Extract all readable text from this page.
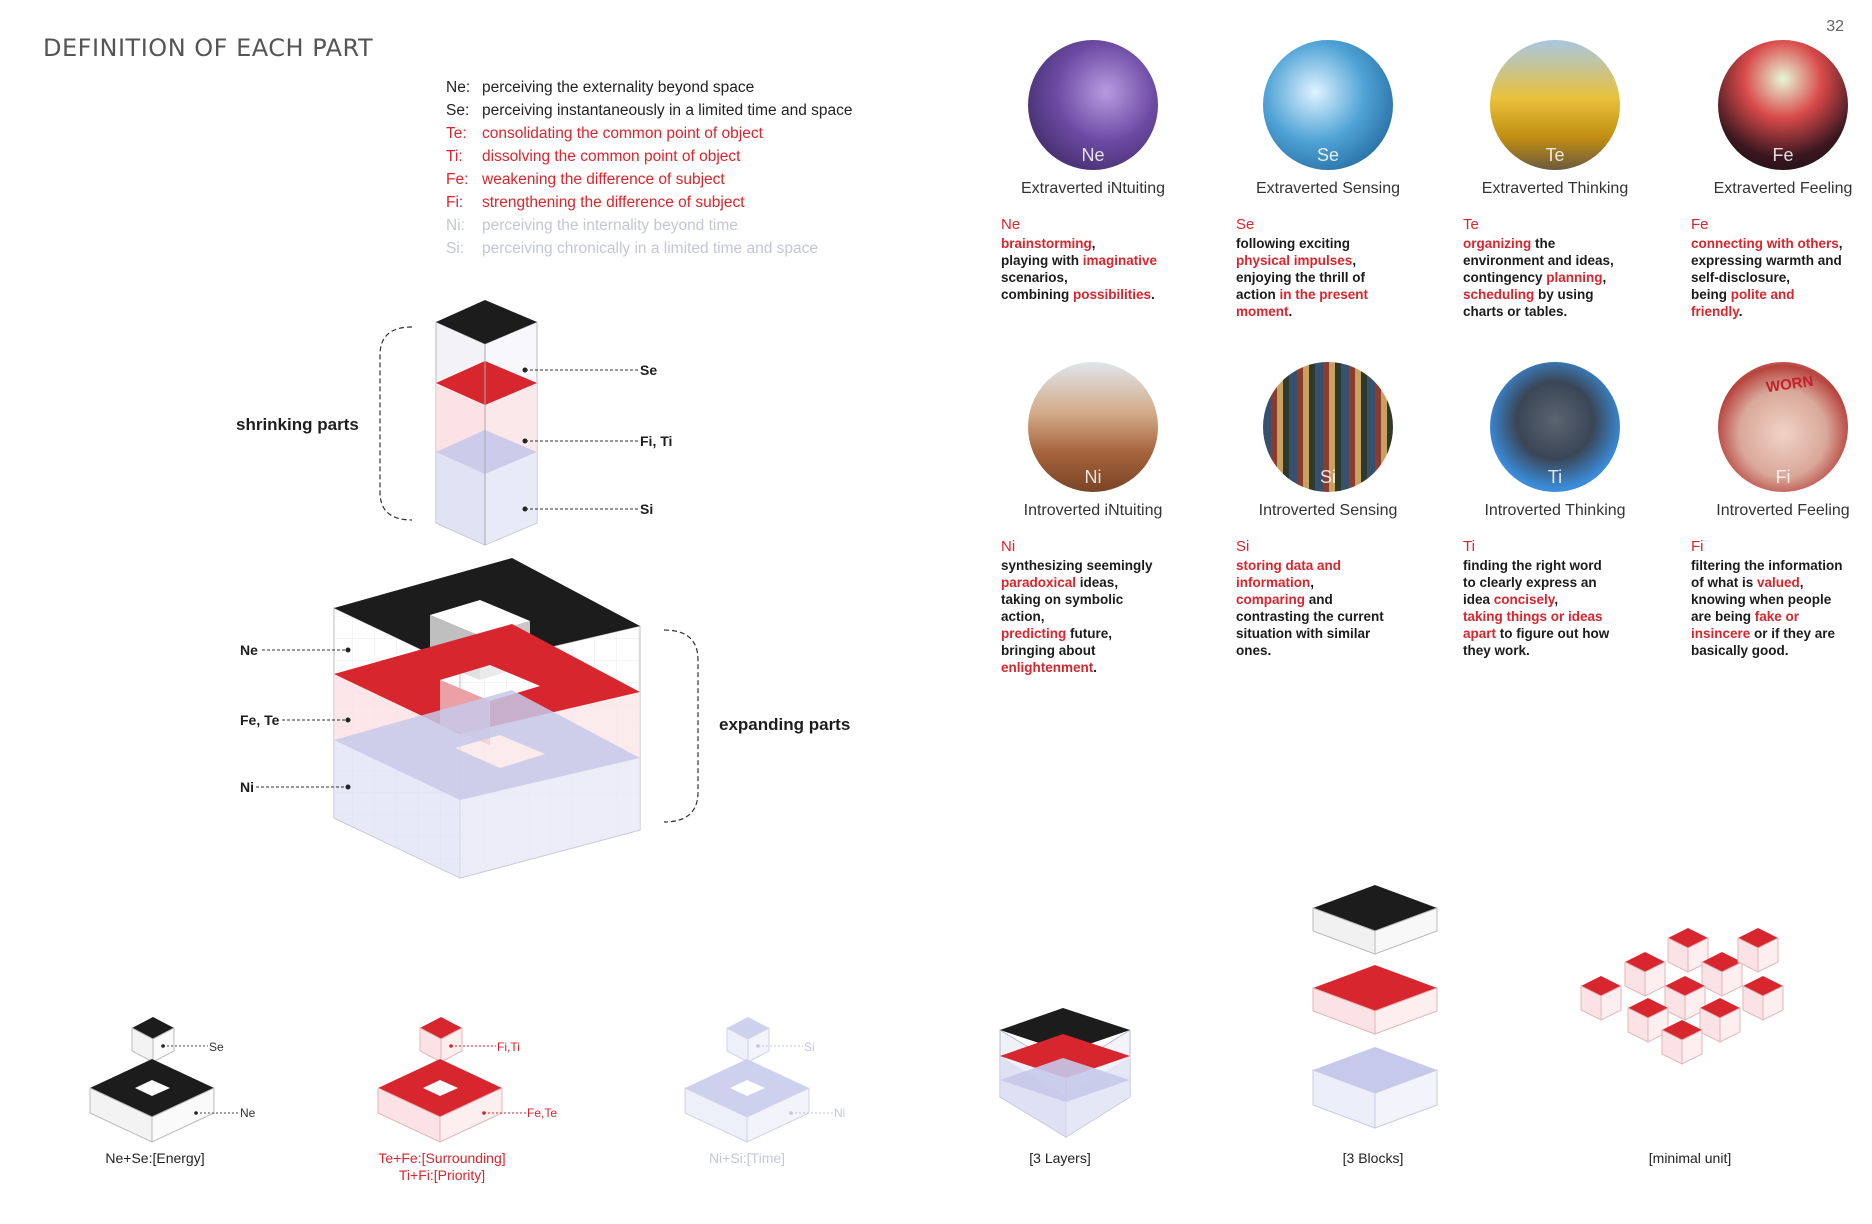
DEFINITION OF EACH PART
32
Ne: perceiving the externality beyond space
Se: perceiving instantaneously in a limited time and space
Te: consolidating the common point of object
Ti:	dissolving the common point of object
Fe: weakening the difference of subject
Fi:	strengthening the difference of subject
Ni:	perceiving the internality beyond time
Si:	perceiving chronically in a limited time and space
shrinking parts
expanding parts
Se
Fi, Ti
Si
Ne
Fe, Te
Ni
Ne
Extraverted iNtuiting
Ne
brainstorming,
playing with imaginative
scenarios,
combining possibilities.
Se
Extraverted Sensing
Se
following exciting
physical impulses,
enjoying the thrill of
action in the present
moment.
Te
Extraverted Thinking
Te
organizing the
environment and ideas,
contingency planning,
scheduling by using
charts or tables.
Fe
Extraverted Feeling
Fe
connecting with others,
expressing warmth and
self-disclosure,
being polite and
friendly.
Ni
Introverted iNtuiting
Ni
synthesizing seemingly
paradoxical ideas,
taking on symbolic
action,
predicting future,
bringing about
enlightenment.
Si
Introverted Sensing
Si
storing data and
information,
comparing and
contrasting the current
situation with similar
ones.
Ti
Introverted Thinking
Ti
finding the right word
to clearly express an
idea concisely,
taking things or ideas
apart to figure out how
they work.
WORN
Fi
Introverted Feeling
Fi
filtering the information
of what is valued,
knowing when people
are being fake or
insincere or if they are
basically good.
Se
Ne
Fi,Ti
Fe,Te
Si
Ni
Ne+Se:[Energy]	Te+Fe:[Surrounding]
Ti+Fi:[Priority]
Ni+Si:[Time]	[3 Layers]	[3 Blocks]	[minimal unit]
